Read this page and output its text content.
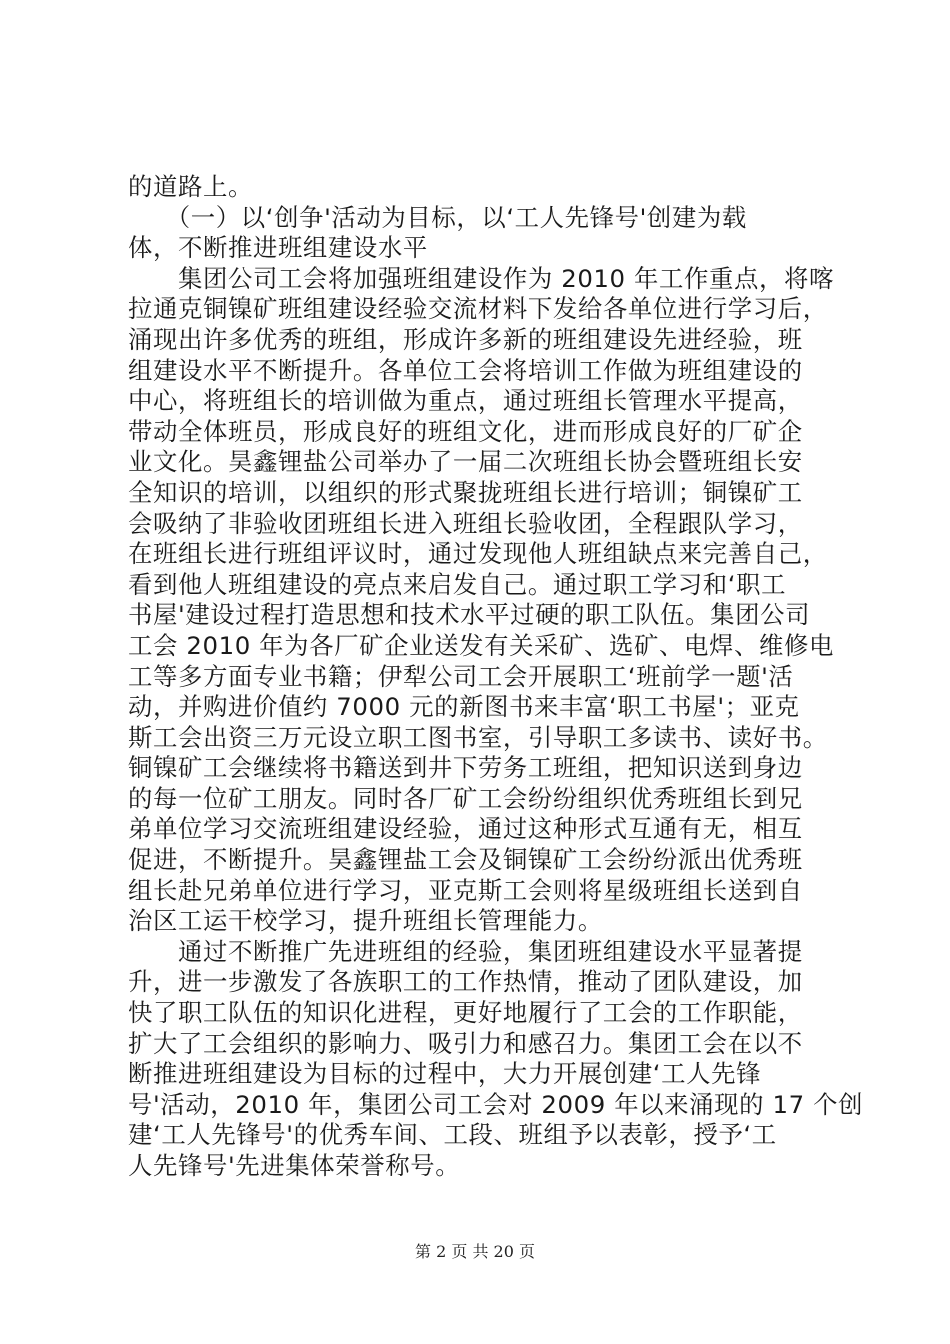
的道路上。
　　（一）以‘创争'活动为目标，以‘工人先锋号'创建为载
体，不断推进班组建设水平
　　集团公司工会将加强班组建设作为 2010 年工作重点，将喀
拉通克铜镍矿班组建设经验交流材料下发给各单位进行学习后，
涌现出许多优秀的班组，形成许多新的班组建设先进经验，班
组建设水平不断提升。各单位工会将培训工作做为班组建设的
中心，将班组长的培训做为重点，通过班组长管理水平提高，
带动全体班员，形成良好的班组文化，进而形成良好的厂矿企
业文化。昊鑫锂盐公司举办了一届二次班组长协会暨班组长安
全知识的培训，以组织的形式聚拢班组长进行培训；铜镍矿工
会吸纳了非验收团班组长进入班组长验收团，全程跟队学习，
在班组长进行班组评议时，通过发现他人班组缺点来完善自己，
看到他人班组建设的亮点来启发自己。通过职工学习和‘职工
书屋'建设过程打造思想和技术水平过硬的职工队伍。集团公司
工会 2010 年为各厂矿企业送发有关采矿、选矿、电焊、维修电
工等多方面专业书籍；伊犁公司工会开展职工‘班前学一题'活
动，并购进价值约 7000 元的新图书来丰富‘职工书屋'；亚克
斯工会出资三万元设立职工图书室，引导职工多读书、读好书。
铜镍矿工会继续将书籍送到井下劳务工班组，把知识送到身边
的每一位矿工朋友。同时各厂矿工会纷纷组织优秀班组长到兄
弟单位学习交流班组建设经验，通过这种形式互通有无，相互
促进，不断提升。昊鑫锂盐工会及铜镍矿工会纷纷派出优秀班
组长赴兄弟单位进行学习，亚克斯工会则将星级班组长送到自
治区工运干校学习，提升班组长管理能力。
　　通过不断推广先进班组的经验，集团班组建设水平显著提
升，进一步激发了各族职工的工作热情，推动了团队建设，加
快了职工队伍的知识化进程，更好地履行了工会的工作职能，
扩大了工会组织的影响力、吸引力和感召力。集团工会在以不
断推进班组建设为目标的过程中，大力开展创建‘工人先锋
号'活动，2010 年，集团公司工会对 2009 年以来涌现的 17 个创
建‘工人先锋号'的优秀车间、工段、班组予以表彰，授予‘工
人先锋号'先进集体荣誉称号。
第 2 页 共 20 页
